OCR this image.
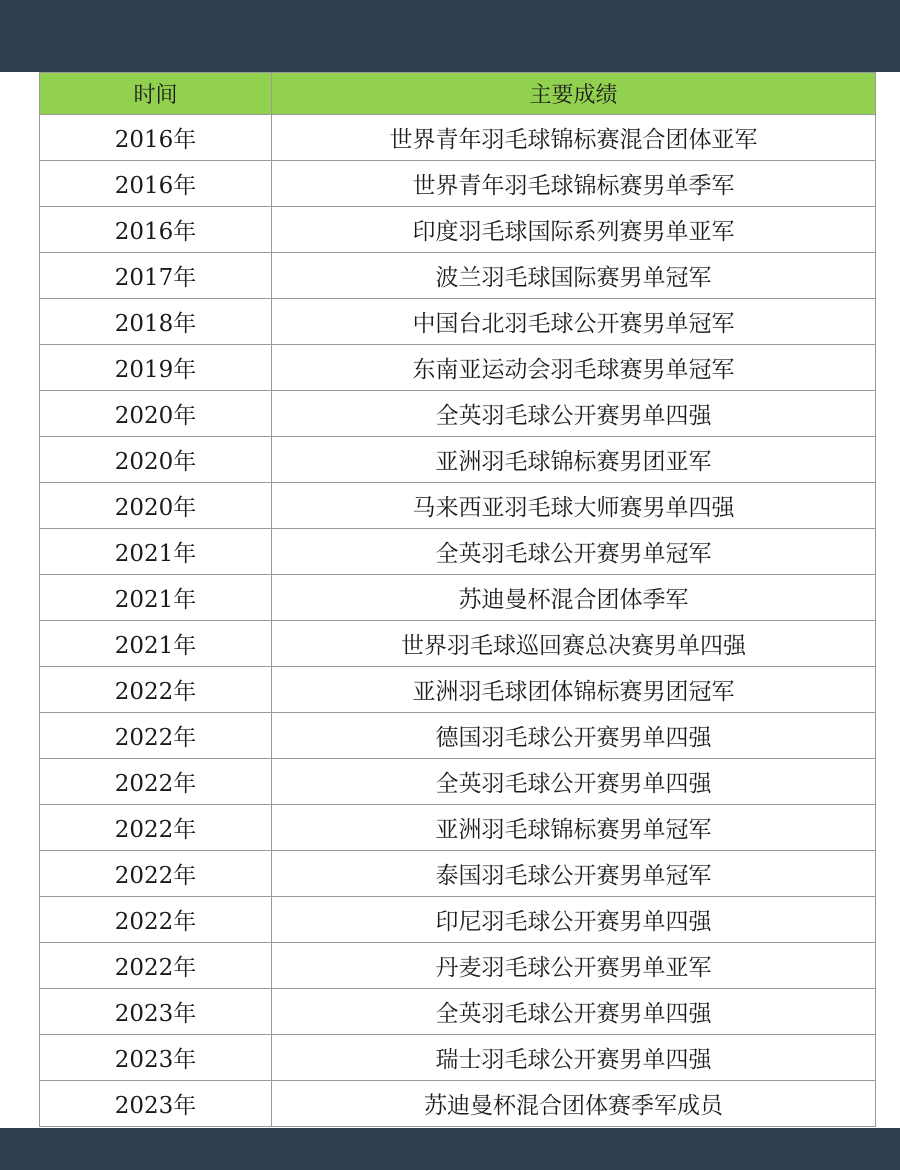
时间	主要成绩
2016年	世界青年羽毛球锦标赛混合团体亚军
2016年	世界青年羽毛球锦标赛男单季军
2016年	印度羽毛球国际系列赛男单亚军
2017年	波兰羽毛球国际赛男单冠军
2018年	中国台北羽毛球公开赛男单冠军
2019年	东南亚运动会羽毛球赛男单冠军
2020年	全英羽毛球公开赛男单四强
2020年	亚洲羽毛球锦标赛男团亚军
2020年	马来西亚羽毛球大师赛男单四强
2021年	全英羽毛球公开赛男单冠军
2021年	苏迪曼杯混合团体季军
2021年	世界羽毛球巡回赛总决赛男单四强
2022年	亚洲羽毛球团体锦标赛男团冠军
2022年	德国羽毛球公开赛男单四强
2022年	全英羽毛球公开赛男单四强
2022年	亚洲羽毛球锦标赛男单冠军
2022年	泰国羽毛球公开赛男单冠军
2022年	印尼羽毛球公开赛男单四强
2022年	丹麦羽毛球公开赛男单亚军
2023年	全英羽毛球公开赛男单四强
2023年	瑞士羽毛球公开赛男单四强
2023年	苏迪曼杯混合团体赛季军成员
